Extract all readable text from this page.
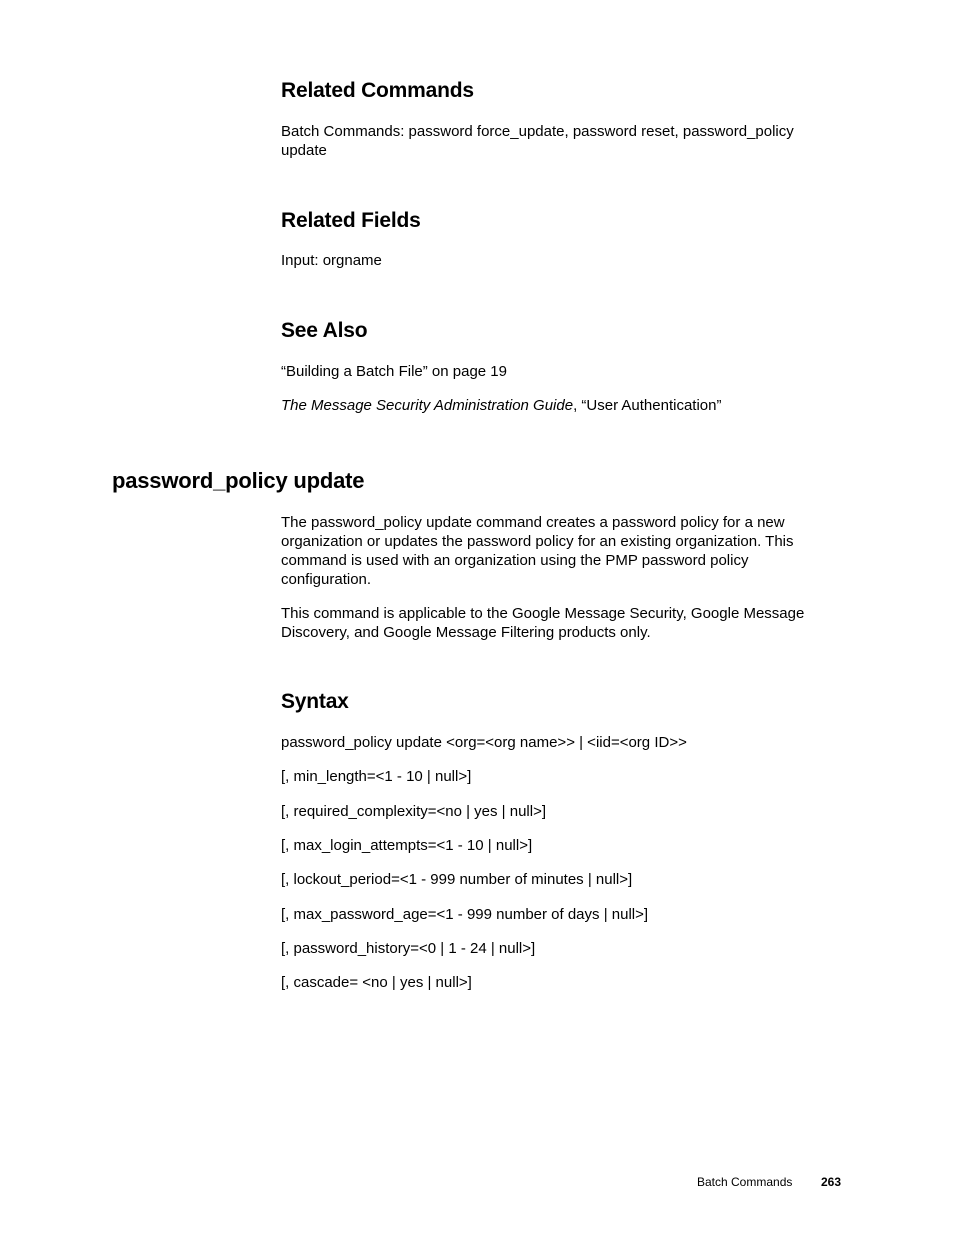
Related Commands
Batch Commands: password force_update, password reset, password_policy update
Related Fields
Input: orgname
See Also
“Building a Batch File” on page 19
The Message Security Administration Guide, “User Authentication”
password_policy update
The password_policy update command creates a password policy for a new organization or updates the password policy for an existing organization. This command is used with an organization using the PMP password policy configuration.
This command is applicable to the Google Message Security, Google Message Discovery, and Google Message Filtering products only.
Syntax
password_policy update <org=<org name>> | <iid=<org ID>>
[, min_length=<1 - 10 | null>]
[, required_complexity=<no | yes | null>]
[, max_login_attempts=<1 - 10 | null>]
[, lockout_period=<1 - 999 number of minutes | null>]
[, max_password_age=<1 - 999 number of days | null>]
[, password_history=<0 | 1 - 24 | null>]
[, cascade= <no | yes | null>]
Batch Commands 263
